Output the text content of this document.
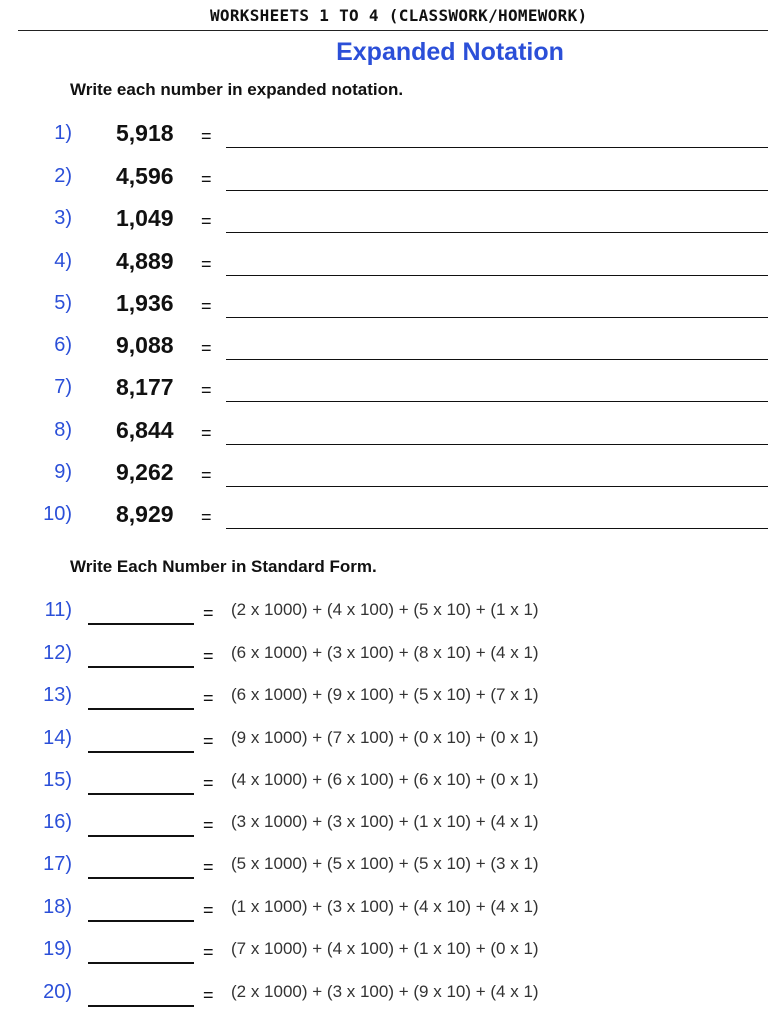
WORKSHEETS 1 TO 4 (CLASSWORK/HOMEWORK)
Expanded Notation
Write each number in expanded notation.
1) 5,918 =
2) 4,596 =
3) 1,049 =
4) 4,889 =
5) 1,936 =
6) 9,088 =
7) 8,177 =
8) 6,844 =
9) 9,262 =
10) 8,929 =
Write Each Number in Standard Form.
11)	= (2 x 1000) + (4 x 100) + (5 x 10) + (1 x 1)
12)	= (6 x 1000) + (3 x 100) + (8 x 10) + (4 x 1)
13)	= (6 x 1000) + (9 x 100) + (5 x 10) + (7 x 1)
14)	= (9 x 1000) + (7 x 100) + (0 x 10) + (0 x 1)
15)	= (4 x 1000) + (6 x 100) + (6 x 10) + (0 x 1)
16)	= (3 x 1000) + (3 x 100) + (1 x 10) + (4 x 1)
17)	= (5 x 1000) + (5 x 100) + (5 x 10) + (3 x 1)
18)	= (1 x 1000) + (3 x 100) + (4 x 10) + (4 x 1)
19)	= (7 x 1000) + (4 x 100) + (1 x 10) + (0 x 1)
20)	= (2 x 1000) + (3 x 100) + (9 x 10) + (4 x 1)
